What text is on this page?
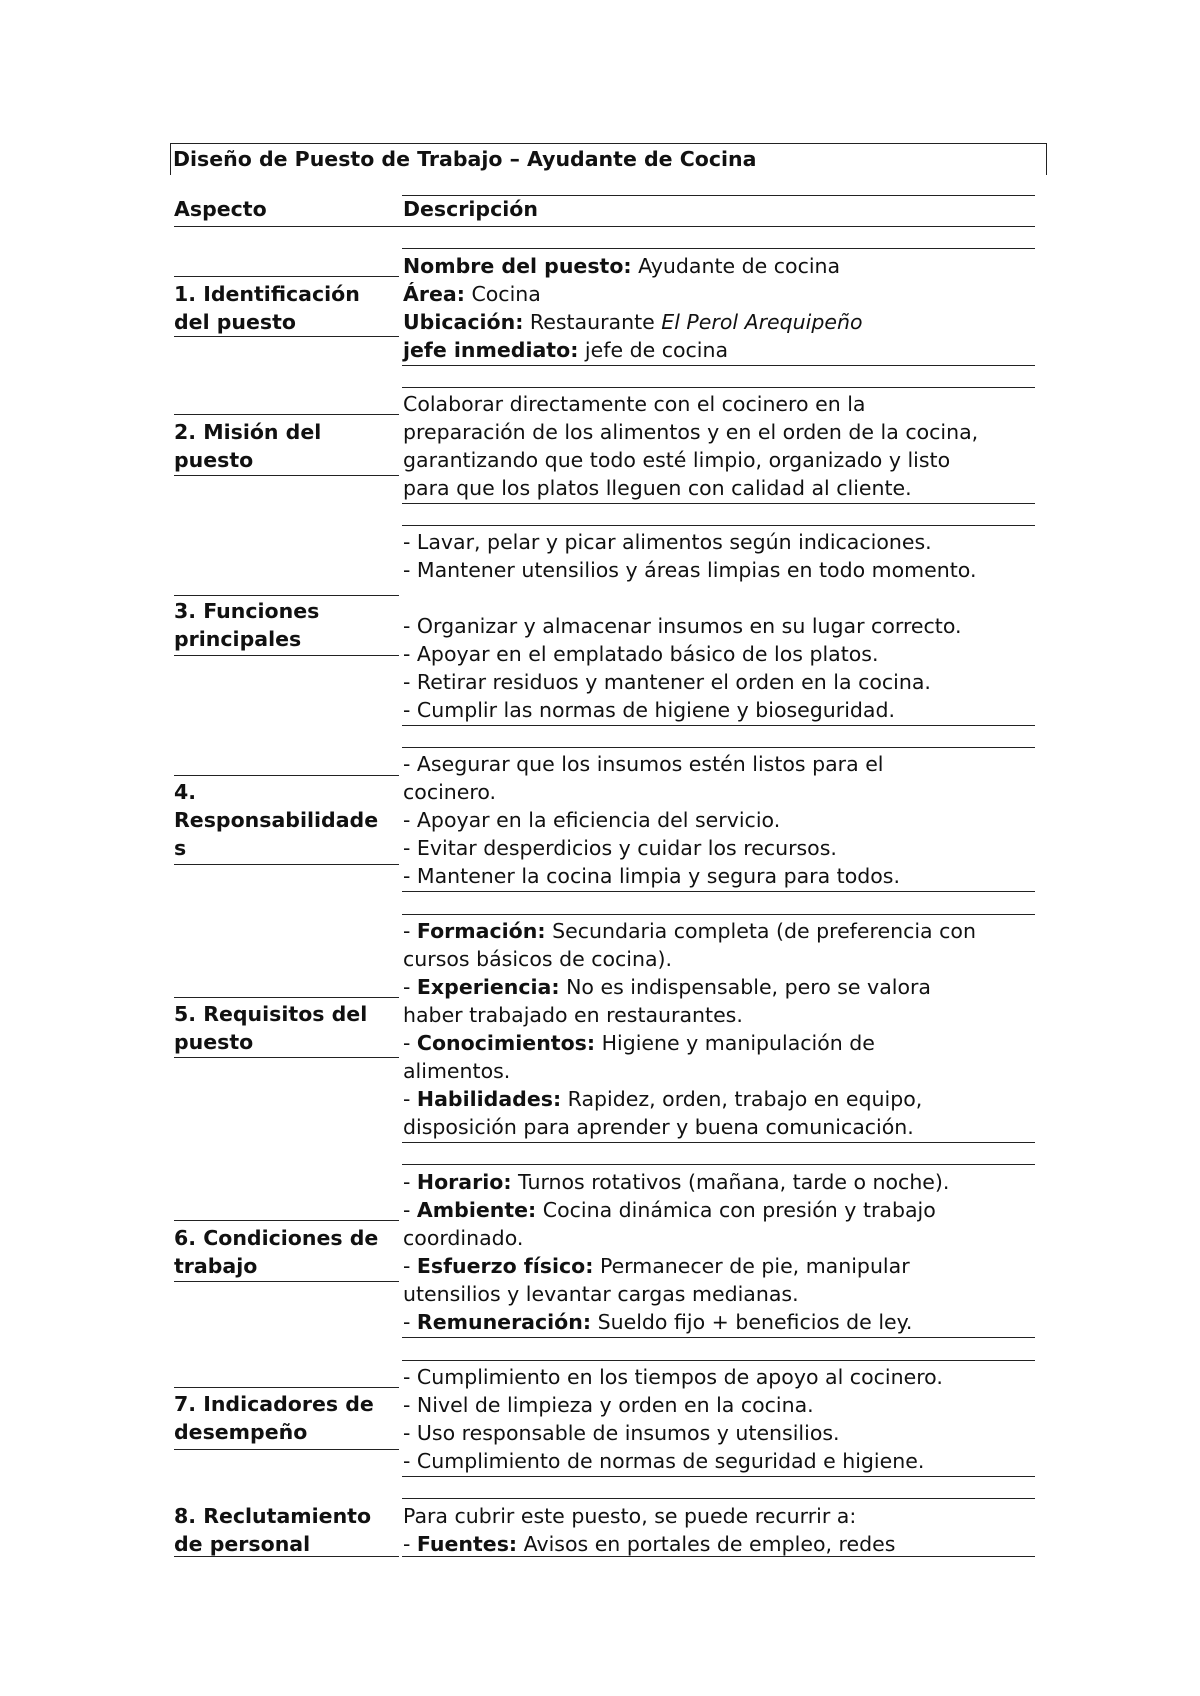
Diseño de Puesto de Trabajo – Ayudante de Cocina
Aspecto	Descripción
1. Identificación
del puesto
Nombre del puesto: Ayudante de cocina
Área: Cocina
Ubicación: Restaurante El Perol Arequipeño
jefe inmediato: jefe de cocina
2. Misión del
puesto
Colaborar directamente con el cocinero en la
preparación de los alimentos y en el orden de la cocina,
garantizando que todo esté limpio, organizado y listo
para que los platos lleguen con calidad al cliente.
- Lavar, pelar y picar alimentos según indicaciones.
- Mantener utensilios y áreas limpias en todo momento.
3. Funciones
principales
- Organizar y almacenar insumos en su lugar correcto.
- Apoyar en el emplatado básico de los platos.
- Retirar residuos y mantener el orden en la cocina.
- Cumplir las normas de higiene y bioseguridad.
4.
Responsabilidade
s
- Asegurar que los insumos estén listos para el
cocinero.
- Apoyar en la eficiencia del servicio.
- Evitar desperdicios y cuidar los recursos.
- Mantener la cocina limpia y segura para todos.
- Formación: Secundaria completa (de preferencia con
cursos básicos de cocina).
- Experiencia: No es indispensable, pero se valora
haber trabajado en restaurantes.
- Conocimientos: Higiene y manipulación de
alimentos.
- Habilidades: Rapidez, orden, trabajo en equipo,
disposición para aprender y buena comunicación.
5. Requisitos del
puesto
- Horario: Turnos rotativos (mañana, tarde o noche).
- Ambiente: Cocina dinámica con presión y trabajo
coordinado.
- Esfuerzo físico: Permanecer de pie, manipular
utensilios y levantar cargas medianas.
- Remuneración: Sueldo fijo + beneficios de ley.
6. Condiciones de
trabajo
- Cumplimiento en los tiempos de apoyo al cocinero.
- Nivel de limpieza y orden en la cocina.
- Uso responsable de insumos y utensilios.
- Cumplimiento de normas de seguridad e higiene.
7. Indicadores de
desempeño
8. Reclutamiento
de personal
Para cubrir este puesto, se puede recurrir a:
- Fuentes: Avisos en portales de empleo, redes
